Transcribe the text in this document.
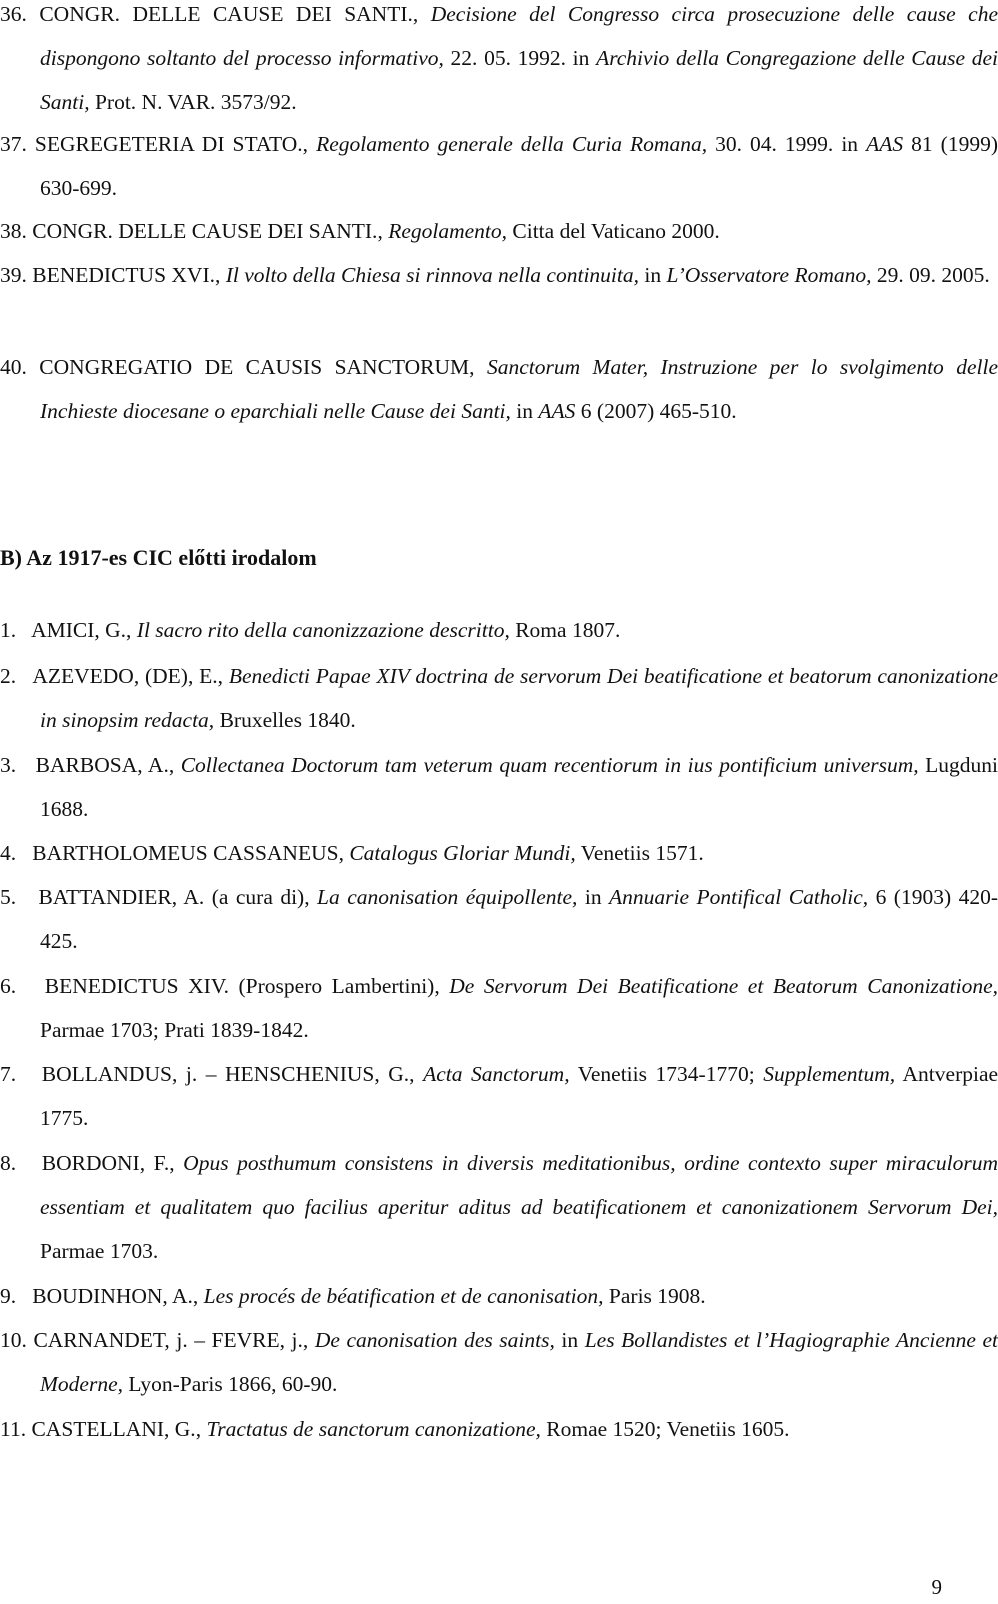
36. CONGR. DELLE CAUSE DEI SANTI., Decisione del Congresso circa prosecuzione delle cause che dispongono soltanto del processo informativo, 22. 05. 1992. in Archivio della Congregazione delle Cause dei Santi, Prot. N. VAR. 3573/92.

37. SEGREGETERIA DI STATO., Regolamento generale della Curia Romana, 30. 04. 1999. in AAS 81 (1999) 630-699.

38. CONGR. DELLE CAUSE DEI SANTI., Regolamento, Citta del Vaticano 2000.

39. BENEDICTUS XVI., Il volto della Chiesa si rinnova nella continuita, in L’Osservatore Romano, 29. 09. 2005.

40. CONGREGATIO DE CAUSIS SANCTORUM, Sanctorum Mater, Instruzione per lo svolgimento delle Inchieste diocesane o eparchiali nelle Cause dei Santi, in AAS 6 (2007) 465-510.

B) Az 1917-es CIC előtti irodalom

1. AMICI, G., Il sacro rito della canonizzazione descritto, Roma 1807.

2. AZEVEDO, (DE), E., Benedicti Papae XIV doctrina de servorum Dei beatificatione et beatorum canonizatione in sinopsim redacta, Bruxelles 1840.

3. BARBOSA, A., Collectanea Doctorum tam veterum quam recentiorum in ius pontificium universum, Lugduni 1688.

4. BARTHOLOMEUS CASSANEUS, Catalogus Gloriar Mundi, Venetiis 1571.

5. BATTANDIER, A. (a cura di), La canonisation équipollente, in Annuarie Pontifical Catholic, 6 (1903) 420-425.

6. BENEDICTUS XIV. (Prospero Lambertini), De Servorum Dei Beatificatione et Beatorum Canonizatione, Parmae 1703; Prati 1839-1842.

7. BOLLANDUS, j. – HENSCHENIUS, G., Acta Sanctorum, Venetiis 1734-1770; Supplementum, Antverpiae 1775.

8. BORDONI, F., Opus posthumum consistens in diversis meditationibus, ordine contexto super miraculorum essentiam et qualitatem quo facilius aperitur aditus ad beatificationem et canonizationem Servorum Dei, Parmae 1703.

9. BOUDINHON, A., Les procés de béatification et de canonisation, Paris 1908.

10. CARNANDET, j. – FEVRE, j., De canonisation des saints, in Les Bollandistes et l’Hagiographie Ancienne et Moderne, Lyon-Paris 1866, 60-90.

11. CASTELLANI, G., Tractatus de sanctorum canonizatione, Romae 1520; Venetiis 1605.

9
